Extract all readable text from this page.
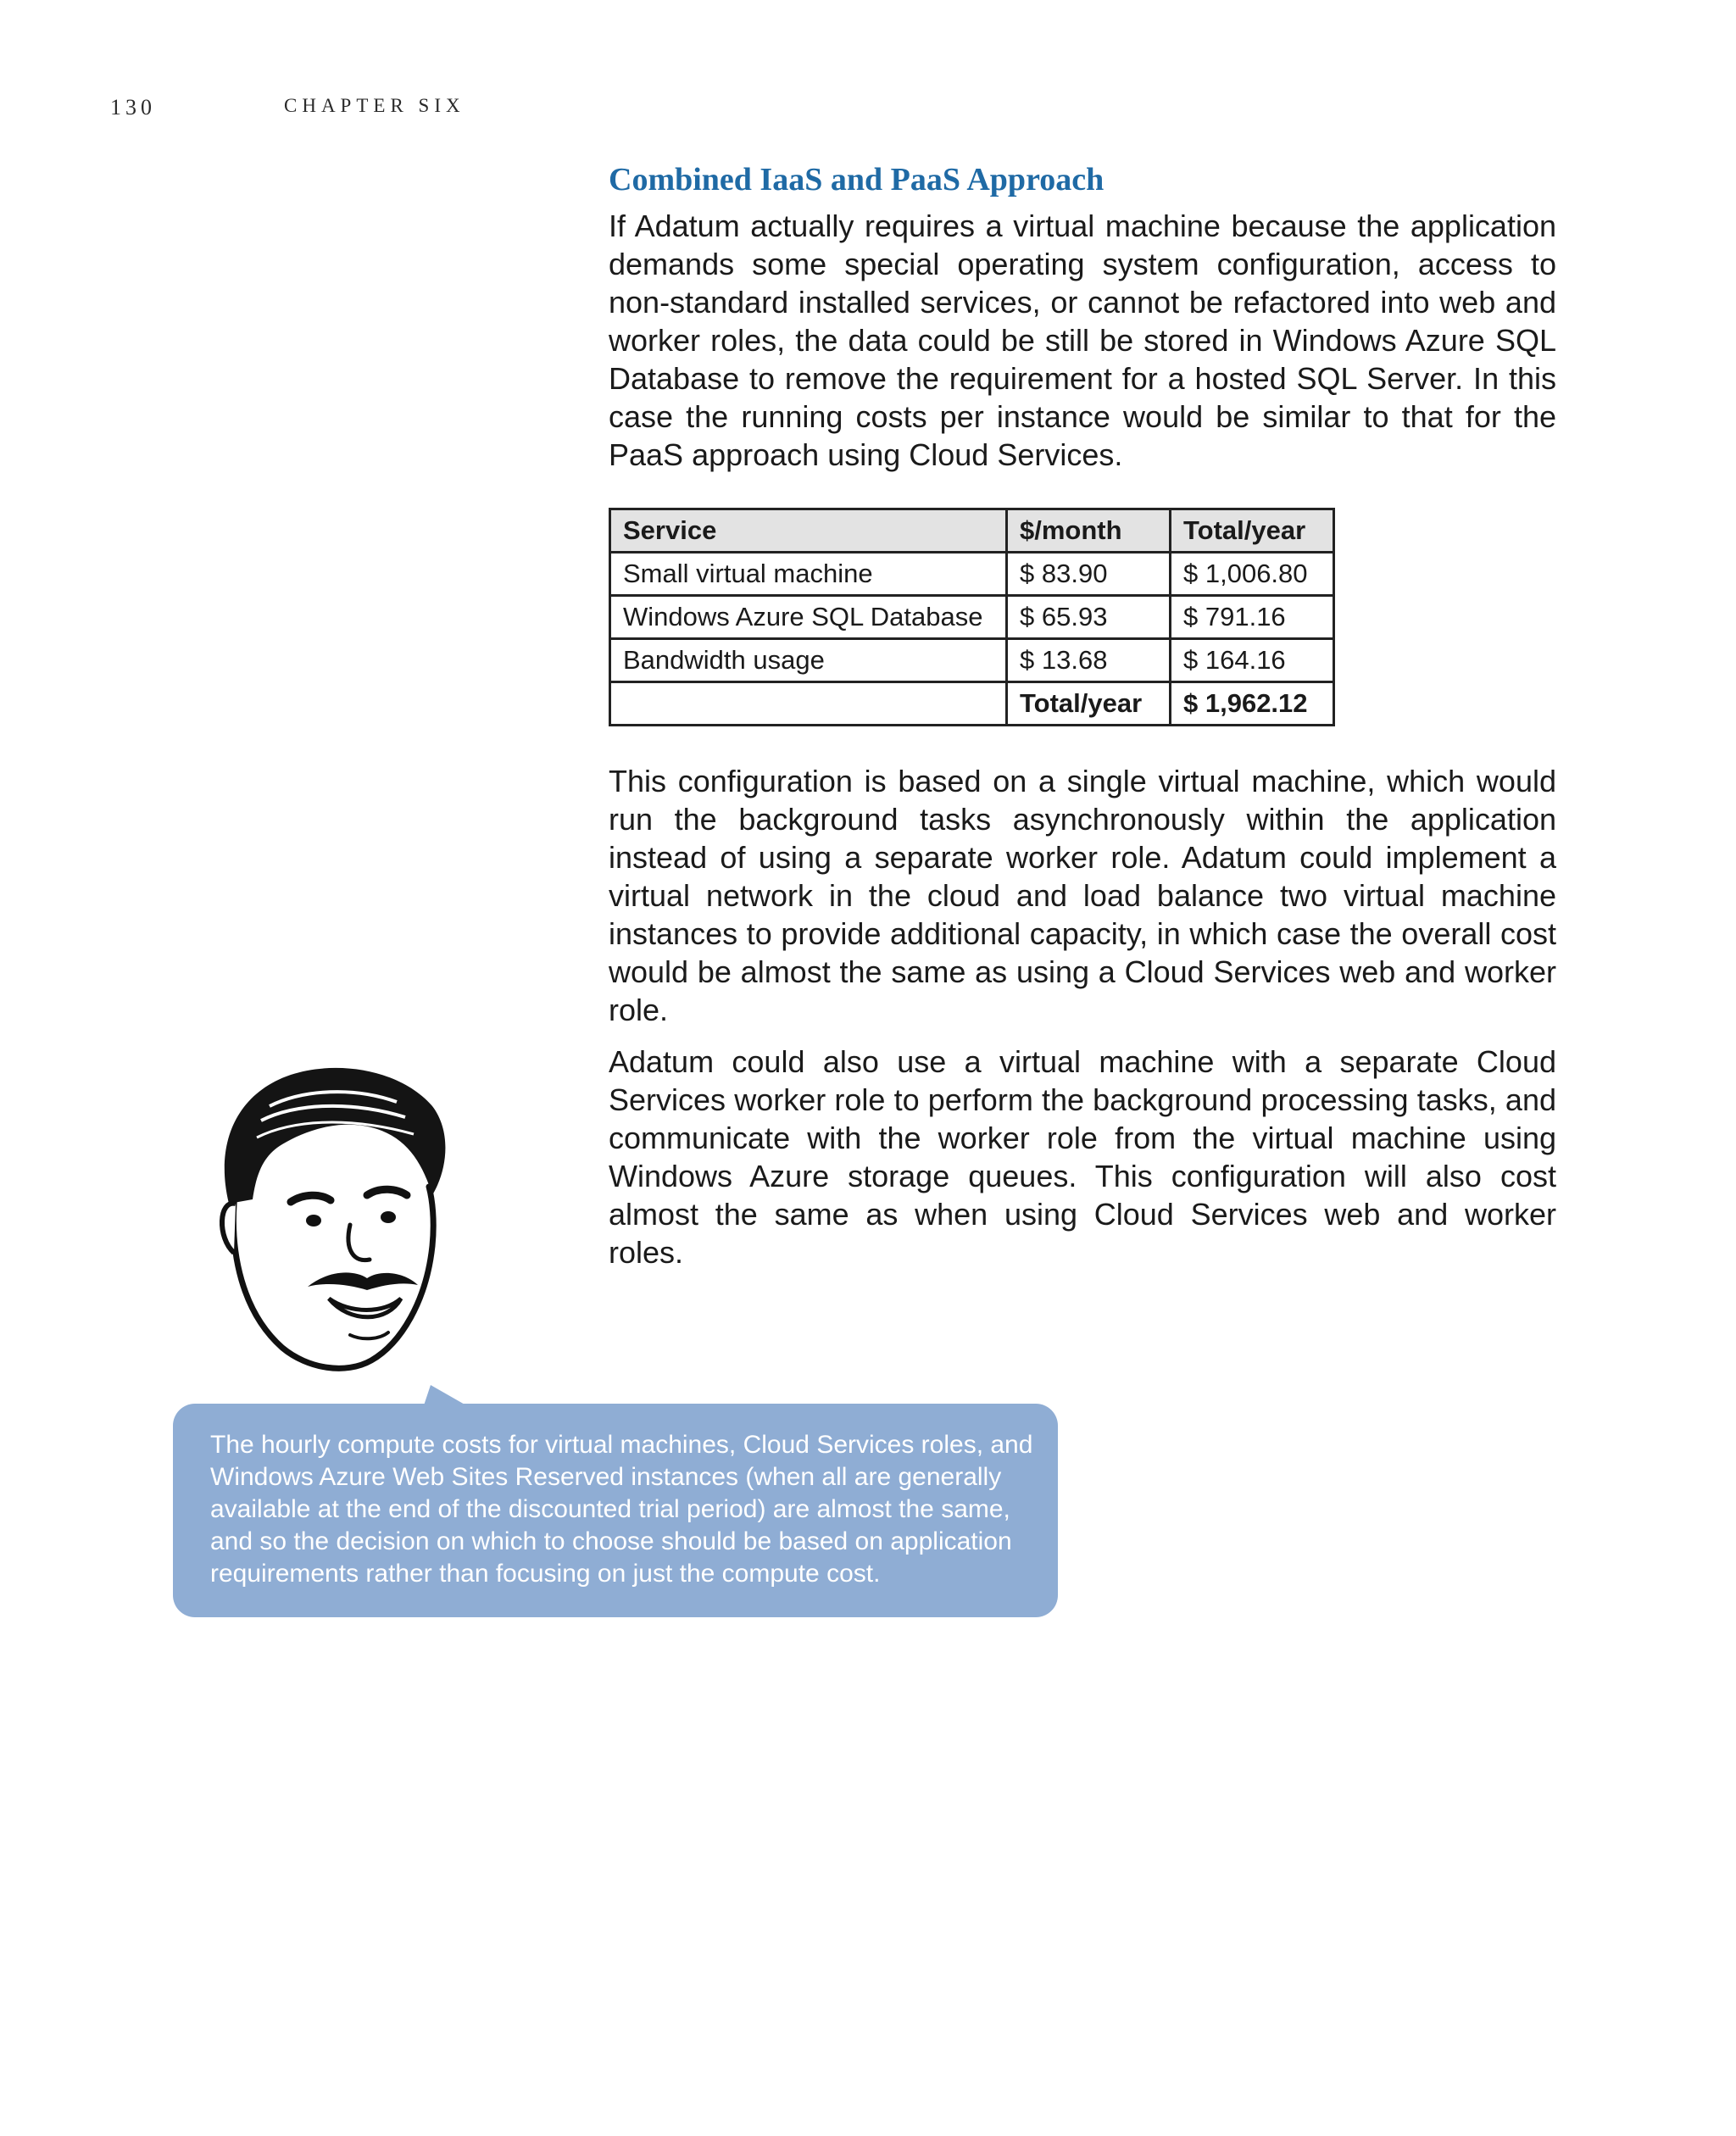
130	CHAPTER SIX
Combined IaaS and PaaS Approach

If Adatum actually requires a virtual machine because the application demands some special operating system configuration, access to non-standard installed services, or cannot be refactored into web and worker roles, the data could be still be stored in Windows Azure SQL Database to remove the requirement for a hosted SQL Server. In this case the running costs per instance would be similar to that for the PaaS approach using Cloud Services.

Service	$/month	Total/year
Small virtual machine	$ 83.90	$ 1,006.80
Windows Azure SQL Database	$ 65.93	$ 791.16
Bandwidth usage	$ 13.68	$ 164.16
	Total/year	$ 1,962.12

This configuration is based on a single virtual machine, which would run the background tasks asynchronously within the application instead of using a separate worker role. Adatum could implement a virtual network in the cloud and load balance two virtual machine instances to provide additional capacity, in which case the overall cost would be almost the same as using a Cloud Services web and worker role.

Adatum could also use a virtual machine with a separate Cloud Services worker role to perform the background processing tasks, and communicate with the worker role from the virtual machine using Windows Azure storage queues. This configuration will also cost almost the same as when using Cloud Services web and worker roles.

The hourly compute costs for virtual machines, Cloud Services roles, and Windows Azure Web Sites Reserved instances (when all are generally available at the end of the discounted trial period) are almost the same, and so the decision on which to choose should be based on application requirements rather than focusing on just the compute cost.
